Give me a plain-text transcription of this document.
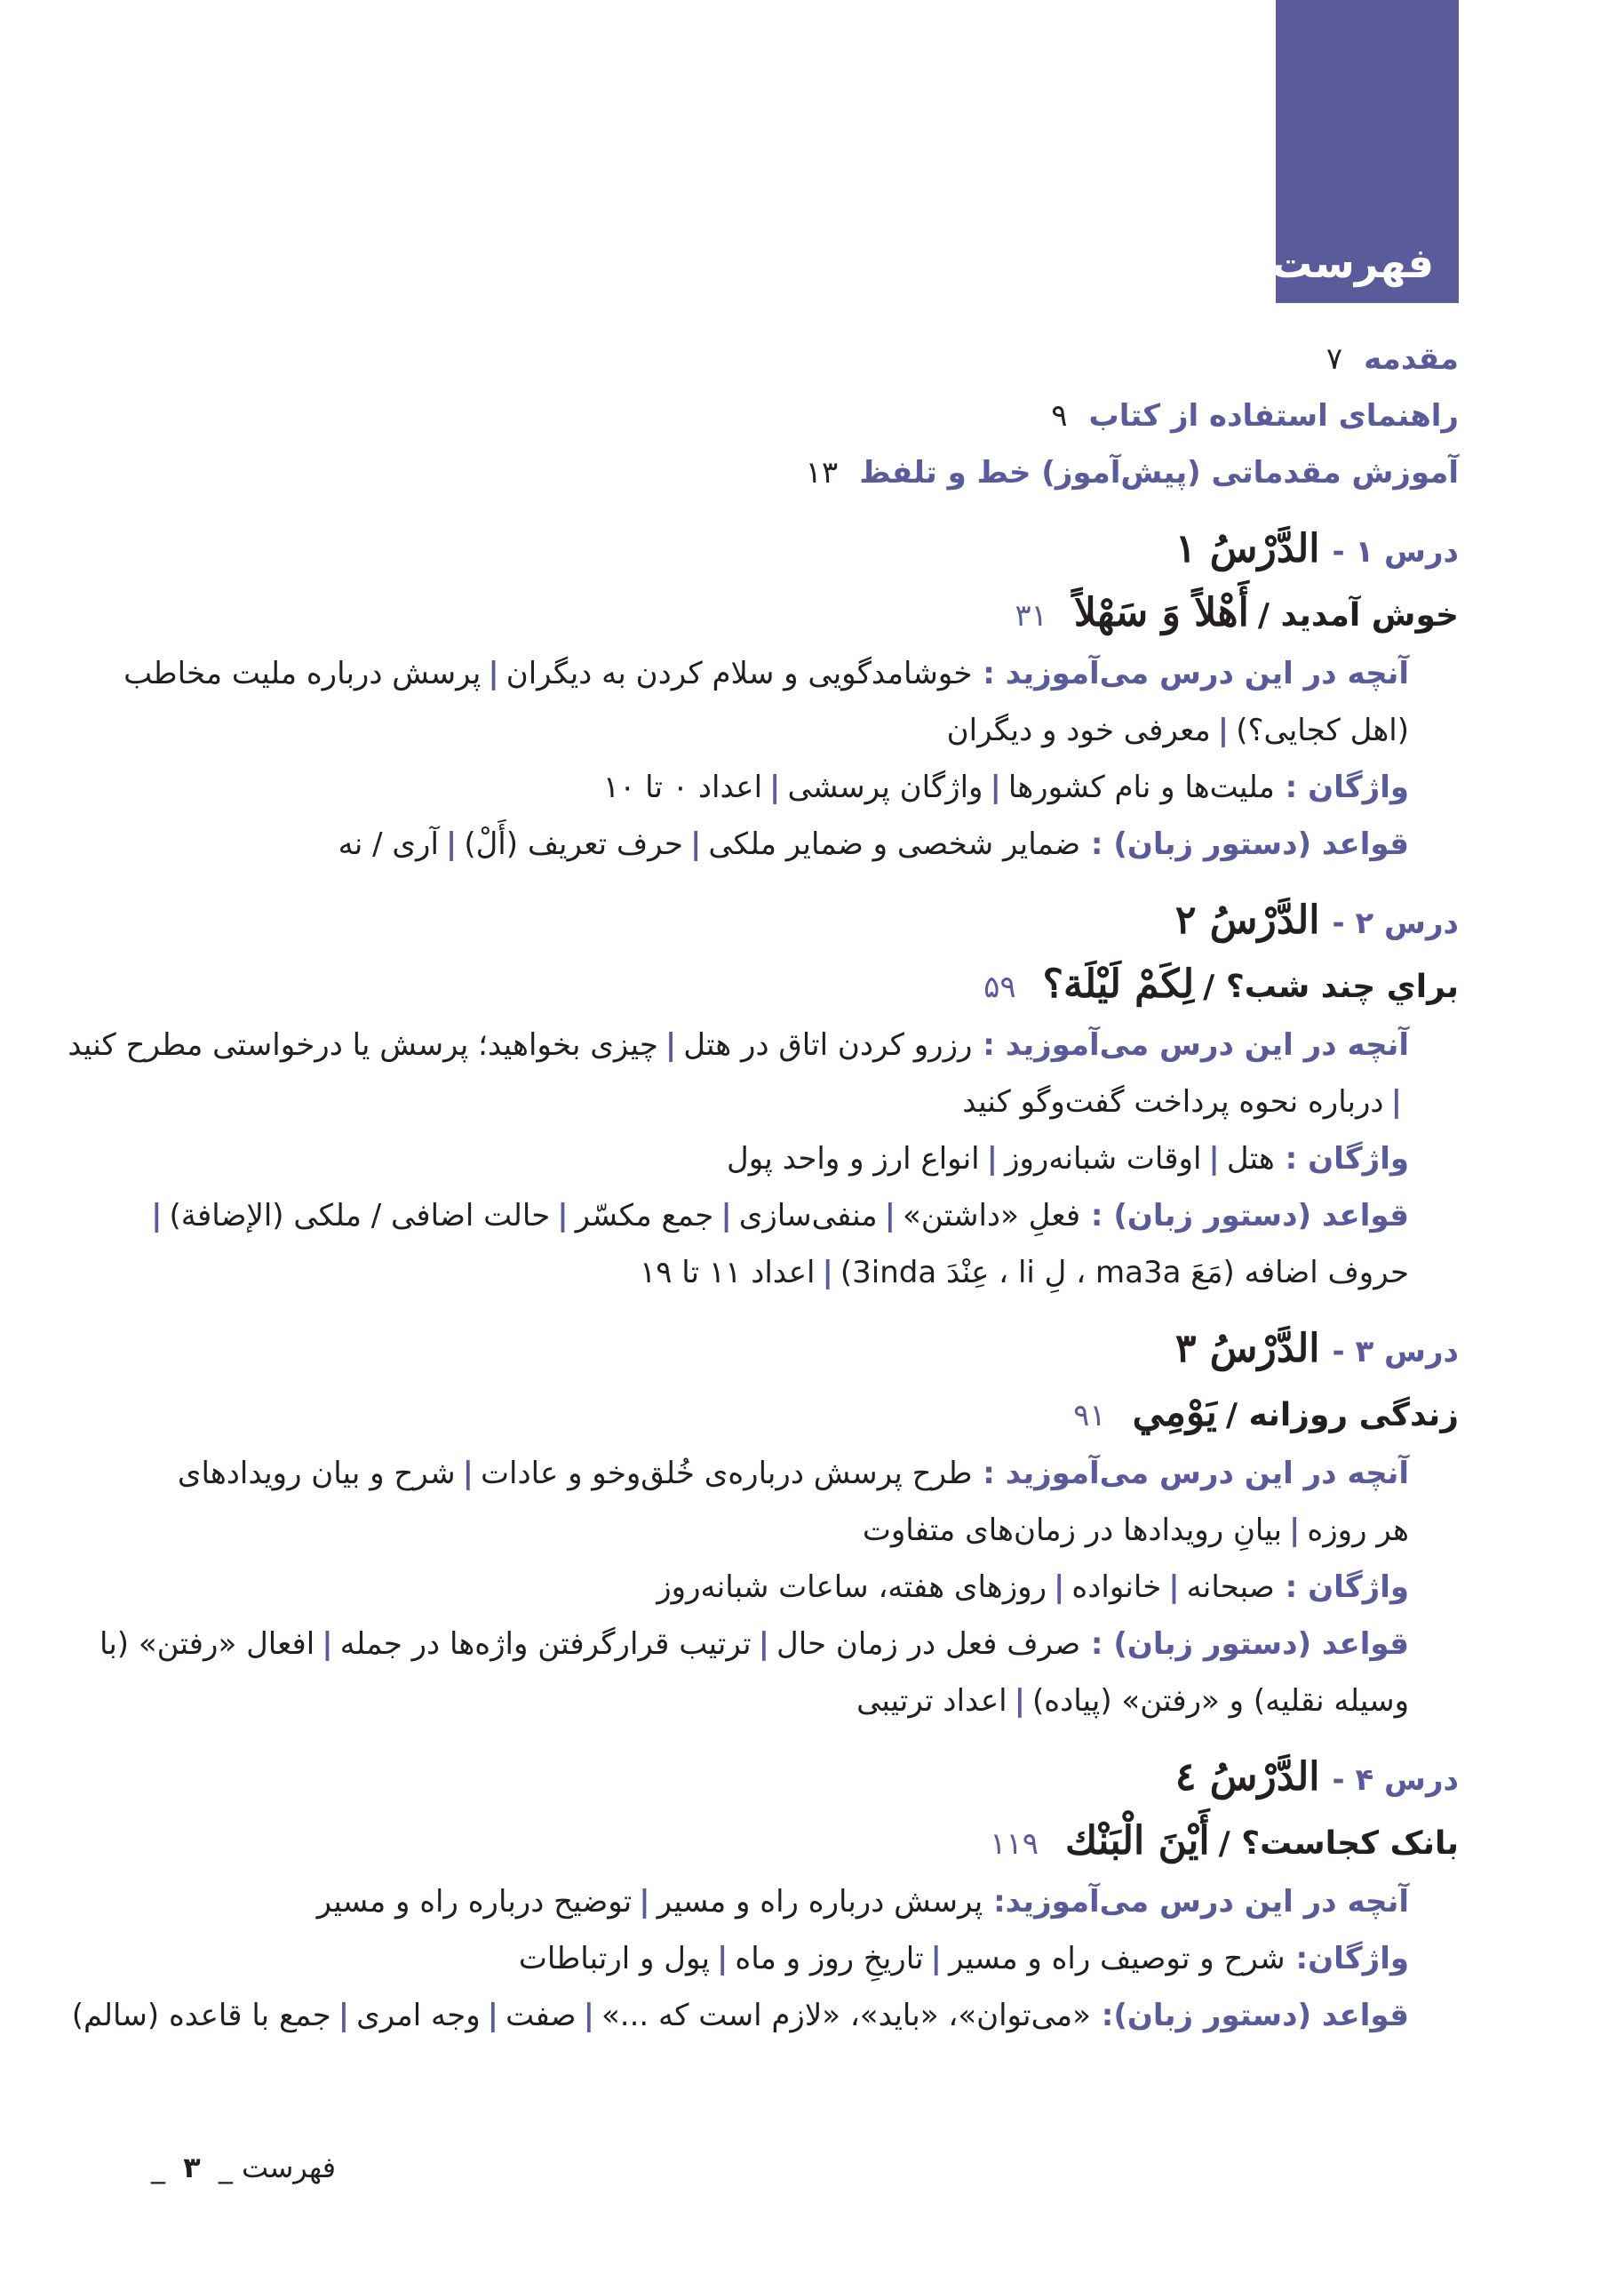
فهرست
مقدمه۷
راهنمای استفاده از کتاب۹
آموزش مقدماتی (پیش‌آموز) خط و تلفظ۱۳
درس ۱ -الدَّرْسُ ١
خوش آمدید /أَهْلاً وَ سَهْلاً۳۱
آنچه در این درس می‌آموزید : خوشامدگویی و سلام کردن به دیگران|پرسش درباره ملیت مخاطب
(اهل کجایی؟)|معرفی خود و دیگران
واژگان : ملیت‌ها و نام کشورها|واژگان پرسشی|اعداد ۰ تا ۱۰
قواعد (دستور زبان) : ضمایر شخصی و ضمایر ملکی|حرف تعریف (أَلْ)|آری / نه
درس ۲ -الدَّرْسُ ٢
براي چند شب؟ /لِكَمْ لَيْلَة؟۵۹
آنچه در این درس می‌آموزید : رزرو کردن اتاق در هتل|چیزی بخواهید؛ پرسش یا درخواستی مطرح کنید
|درباره نحوه پرداخت گفت‌وگو کنید
واژگان : هتل|اوقات شبانه‌روز|انواع ارز و واحد پول
قواعد (دستور زبان) : فعلِ «داشتن»|منفی‌سازی|جمع مکسّر|حالت اضافی / ملکی (الإضافة)|
حروف اضافه (مَعَ ma3a ، لِ li ، عِنْدَ 3inda)|اعداد ۱۱ تا ۱۹
درس ۳ -الدَّرْسُ ٣
زندگی روزانه /يَوْمِي۹۱
آنچه در این درس می‌آموزید : طرح پرسش درباره‌ی خُلق‌وخو و عادات|شرح و بیان رویدادهای
هر روزه|بیانِ رویدادها در زمان‌های متفاوت
واژگان : صبحانه|خانواده|روزهای هفته، ساعات شبانه‌روز
قواعد (دستور زبان) : صرف فعل در زمان حال|ترتیب قرارگرفتن واژه‌ها در جمله|افعال «رفتن» (با
وسیله نقلیه) و «رفتن» (پیاده)|اعداد ترتیبی
درس ۴ -الدَّرْسُ ٤
بانک کجاست؟ /أَيْنَ الْبَنْك۱۱۹
آنچه در این درس می‌آموزید: پرسش درباره راه و مسیر|توضیح درباره راه و مسیر
واژگان: شرح و توصیف راه و مسیر|تاریخِ روز و ماه|پول و ارتباطات
قواعد (دستور زبان): «می‌توان»، «باید»، «لازم است که ...»|صفت|وجه امری|جمع با قاعده (سالم)
فهرست _ ۳ _
